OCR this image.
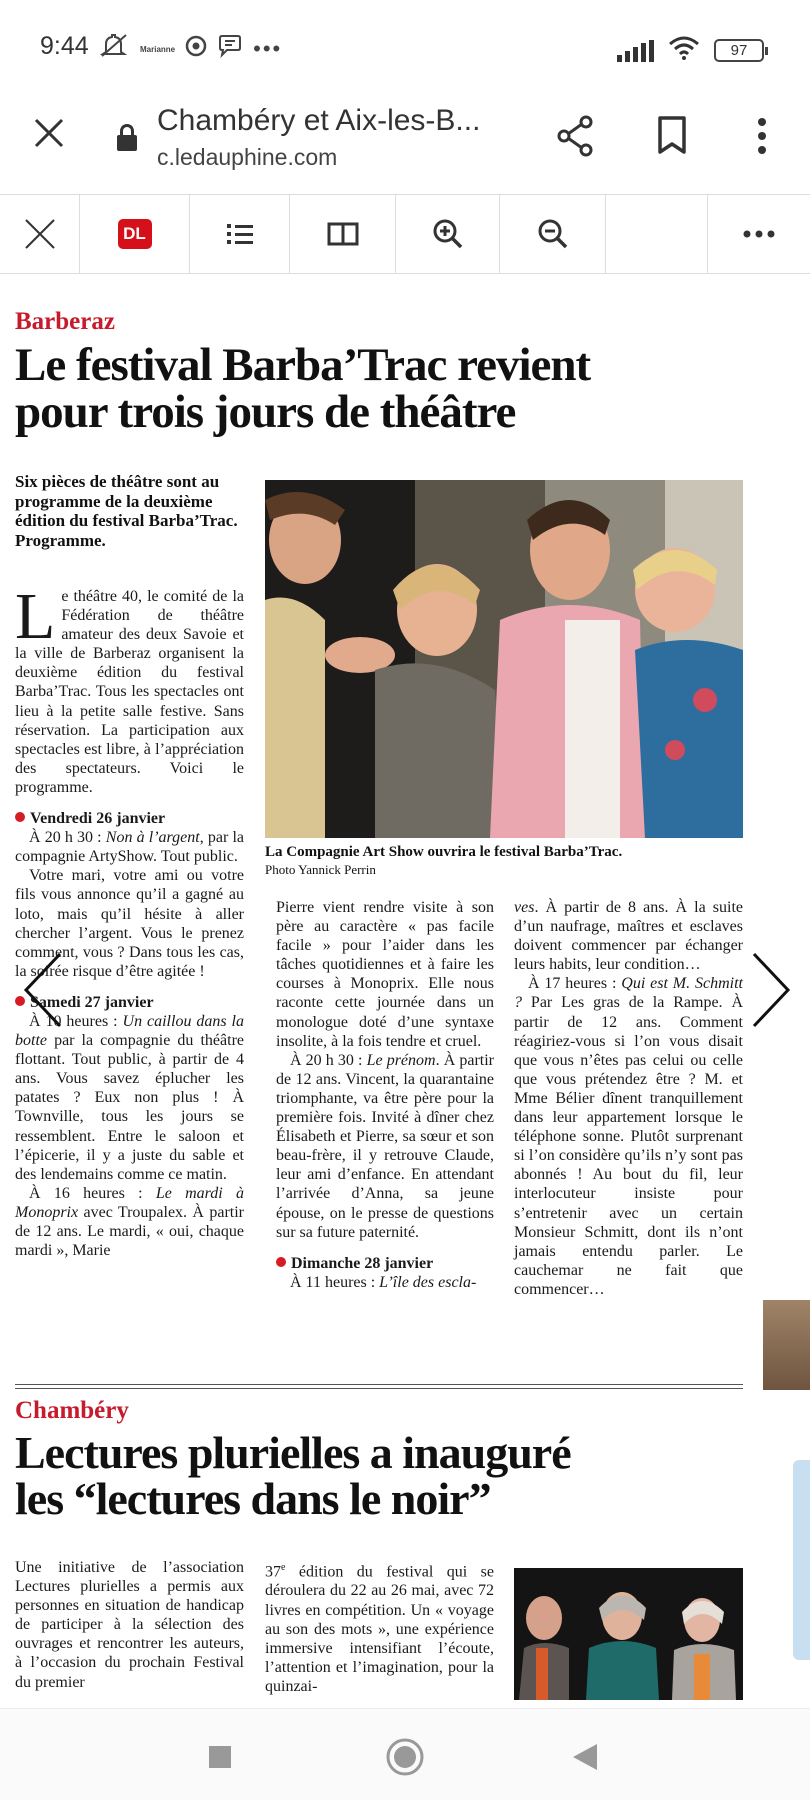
9:44	Marianne	•••	97
Chambéry et Aix-les-B...
c.ledauphine.com
DL
Barberaz
Le festival Barba’Trac revient
pour trois jours de théâtre
Six pièces de théâtre sont au programme de la deuxième édition du festival Barba’Trac. Programme.
La Compagnie Art Show ouvrira le festival Barba’Trac.
Photo Yannick Perrin

Le théâtre 40, le comité de la Fédération de théâtre amateur des deux Savoie et la ville de Barberaz organisent la deuxième édition du festival Barba’Trac. Tous les spectacles ont lieu à la petite salle festive. Sans réservation. La participation aux spectacles est libre, à l’appréciation des spectateurs. Voici le programme.

Vendredi 26 janvier

À 20 h 30 : Non à l’argent, par la compagnie ArtyShow. Tout public.

Votre mari, votre ami ou votre fils vous annonce qu’il a gagné au loto, mais qu’il hésite à aller chercher l’argent. Vous le prenez comment, vous ? Dans tous les cas, la soirée risque d’être agitée !

Samedi 27 janvier

À 10 heures : Un caillou dans la botte par la compagnie du théâtre flottant. Tout public, à partir de 4 ans. Vous savez éplucher les patates ? Eux non plus ! À Townville, tous les jours se ressemblent. Entre le saloon et l’épicerie, il y a juste du sable et des lendemains comme ce matin.

À 16 heures : Le mardi à Monoprix avec Troupalex. À partir de 12 ans. Le mardi, « oui, chaque mardi », Marie

Pierre vient rendre visite à son père au caractère « pas facile facile » pour l’aider dans les tâches quotidiennes et à faire les courses à Monoprix. Elle nous raconte cette journée dans un monologue doté d’une syntaxe insolite, à la fois tendre et cruel.

À 20 h 30 : Le prénom. À partir de 12 ans. Vincent, la quarantaine triomphante, va être père pour la première fois. Invité à dîner chez Élisabeth et Pierre, sa sœur et son beau-frère, il y retrouve Claude, leur ami d’enfance. En attendant l’arrivée d’Anna, sa jeune épouse, on le presse de questions sur sa future paternité.

Dimanche 28 janvier

À 11 heures : L’île des escla-

ves. À partir de 8 ans. À la suite d’un naufrage, maîtres et esclaves doivent commencer par échanger leurs habits, leur condition…

À 17 heures : Qui est M. Schmitt ? Par Les gras de la Rampe. À partir de 12 ans. Comment réagiriez-vous si l’on vous disait que vous n’êtes pas celui ou celle que vous prétendez être ? M. et Mme Bélier dînent tranquillement dans leur appartement lorsque le téléphone sonne. Plutôt surprenant si l’on considère qu’ils n’y sont pas abonnés ! Au bout du fil, leur interlocuteur insiste pour s’entretenir avec un certain Monsieur Schmitt, dont ils n’ont jamais entendu parler. Le cauchemar ne fait que commencer…

Chambéry
Lectures plurielles a inauguré
les “lectures dans le noir”
Une initiative de l’association Lectures plurielles a permis aux personnes en situation de handicap de participer à la sélection des ouvrages et rencontrer les auteurs, à l’occasion du prochain Festival du premier
37e édition du festival qui se déroulera du 22 au 26 mai, avec 72 livres en compétition. Un « voyage au son des mots », une expérience immersive intensifiant l’écoute, l’attention et l’imagination, pour la quinzai-
